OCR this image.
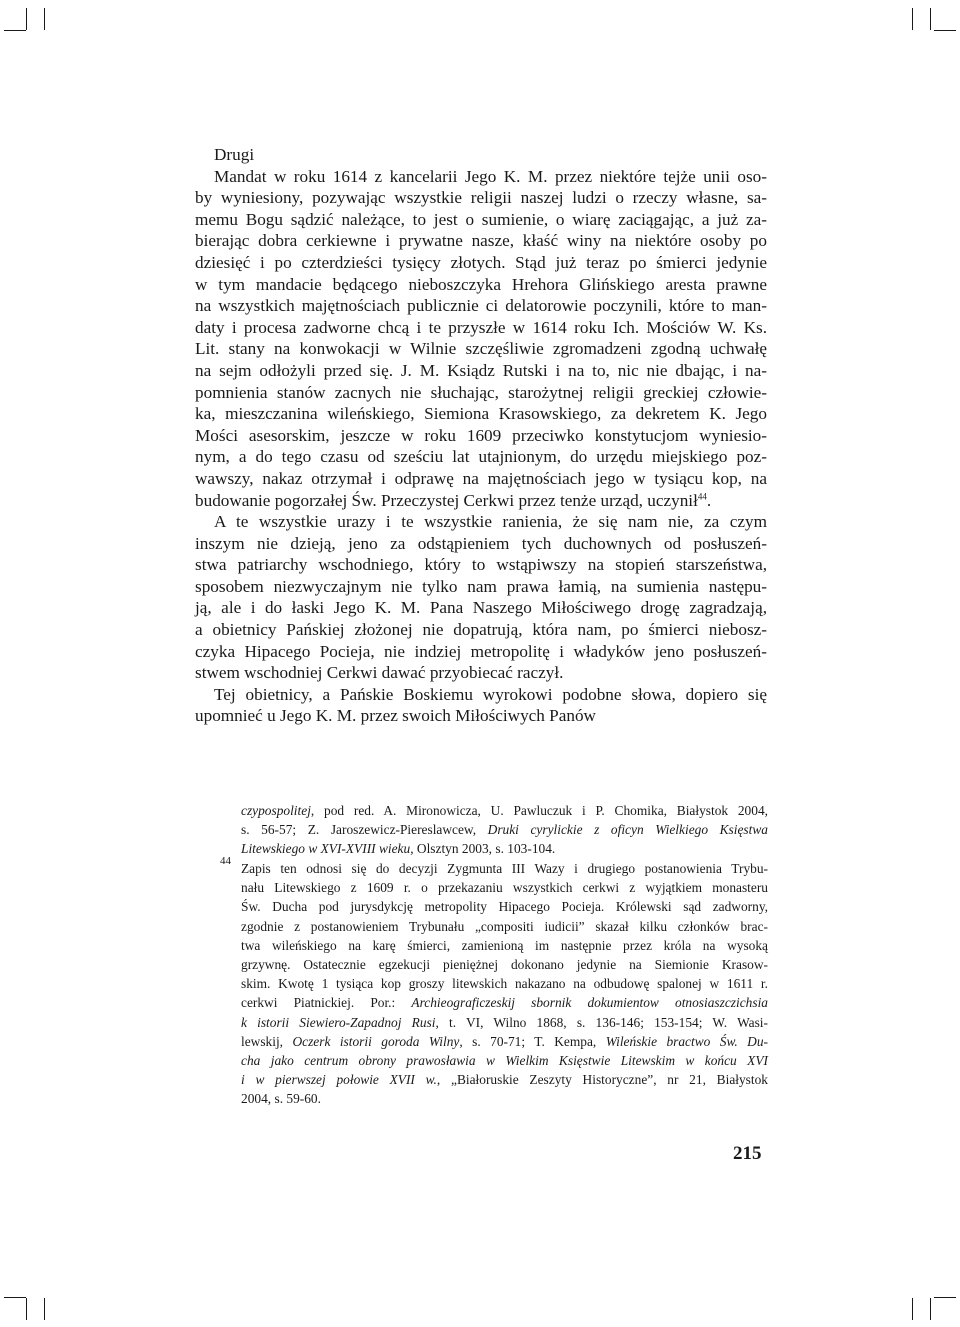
Drugi
Mandat w roku 1614 z kancelarii Jego K. M. przez niektóre tejże unii oso-
by wyniesiony, pozywając wszystkie religii naszej ludzi o rzeczy własne, sa-
memu Bogu sądzić należące, to jest o sumienie, o wiarę zaciągając, a już za-
bierając dobra cerkiewne i prywatne nasze, kłaść winy na niektóre osoby po
dziesięć i po czterdzieści tysięcy złotych. Stąd już teraz po śmierci jedynie
w tym mandacie będącego nieboszczyka Hrehora Glińskiego aresta prawne
na wszystkich majętnościach publicznie ci delatorowie poczynili, które to man-
daty i procesa zadworne chcą i te przyszłe w 1614 roku Ich. Mościów W. Ks.
Lit. stany na konwokacji w Wilnie szczęśliwie zgromadzeni zgodną uchwałę
na sejm odłożyli przed się. J. M. Ksiądz Rutski i na to, nic nie dbając, i na-
pomnienia stanów zacnych nie słuchając, starożytnej religii greckiej człowie-
ka, mieszczanina wileńskiego, Siemiona Krasowskiego, za dekretem K. Jego
Mości asesorskim, jeszcze w roku 1609 przeciwko konstytucjom wyniesio-
nym, a do tego czasu od sześciu lat utajnionym, do urzędu miejskiego poz-
wawszy, nakaz otrzymał i odprawę na majętnościach jego w tysiącu kop, na
budowanie pogorzałej Św. Przeczystej Cerkwi przez tenże urząd, uczynił$^{44}$.
A te wszystkie urazy i te wszystkie ranienia, że się nam nie, za czym
inszym nie dzieją, jeno za odstąpieniem tych duchownych od posłuszeń-
stwa patriarchy wschodniego, który to wstąpiwszy na stopień starszeństwa,
sposobem niezwyczajnym nie tylko nam prawa łamią, na sumienia następu-
ją, ale i do łaski Jego K. M. Pana Naszego Miłościwego drogę zagradzają,
a obietnicy Pańskiej złożonej nie dopatrują, która nam, po śmierci niebosz-
czyka Hipacego Pocieja, nie indziej metropolitę i władyków jeno posłuszeń-
stwem wschodniej Cerkwi dawać przyobiecać raczył.
Tej obietnicy, a Pańskie Boskiemu wyrokowi podobne słowa, dopiero się
upomnieć u Jego K. M. przez swoich Miłościwych Panów
czypospolitej, pod red. A. Mironowicza, U. Pawluczuk i P. Chomika, Białystok 2004,
s. 56-57; Z. Jaroszewicz-Piereslawcew, Druki cyrylickie z oficyn Wielkiego Księstwa
Litewskiego w XVI-XVIII wieku, Olsztyn 2003, s. 103-104.
44 Zapis ten odnosi się do decyzji Zygmunta III Wazy i drugiego postanowienia Trybu-
nału Litewskiego z 1609 r. o przekazaniu wszystkich cerkwi z wyjątkiem monasteru
Św. Ducha pod jurysdykcję metropolity Hipacego Pocieja. Królewski sąd zadworny,
zgodnie z postanowieniem Trybunału „compositi iudicii” skazał kilku członków brac-
twa wileńskiego na karę śmierci, zamienioną im następnie przez króla na wysoką
grzywnę. Ostatecznie egzekucji pieniężnej dokonano jedynie na Siemionie Krasow-
skim. Kwotę 1 tysiąca kop groszy litewskich nakazano na odbudowę spalonej w 1611 r.
cerkwi Piatnickiej. Por.: Archieograficzeskij sbornik dokumientow otnosiaszczichsia
k istorii Siewiero-Zapadnoj Rusi, t. VI, Wilno 1868, s. 136-146; 153-154; W. Wasi-
lewskij, Oczerk istorii goroda Wilny, s. 70-71; T. Kempa, Wileńskie bractwo Św. Du-
cha jako centrum obrony prawosławia w Wielkim Księstwie Litewskim w końcu XVI
i w pierwszej połowie XVII w., „Białoruskie Zeszyty Historyczne”, nr 21, Białystok
2004, s. 59-60.
215
